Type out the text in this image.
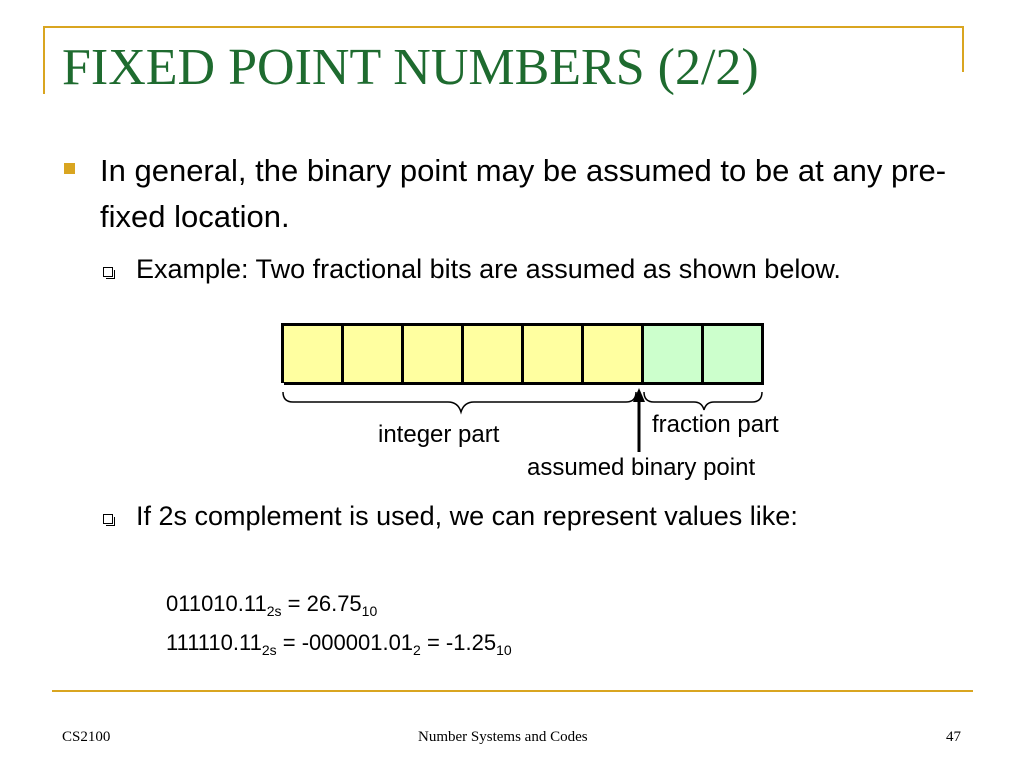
FIXED POINT NUMBERS (2/2)
In general, the binary point may be assumed to be at any pre-fixed location.
Example: Two fractional bits are assumed as shown below.
integer part	fraction part
assumed binary point
If 2s complement is used, we can represent values like:
$011010.11_{2s} = 26.75_{10}$
$111110.11_{2s} = -000001.01_2 = -1.25_{10}$
CS2100	Number Systems and Codes	47
